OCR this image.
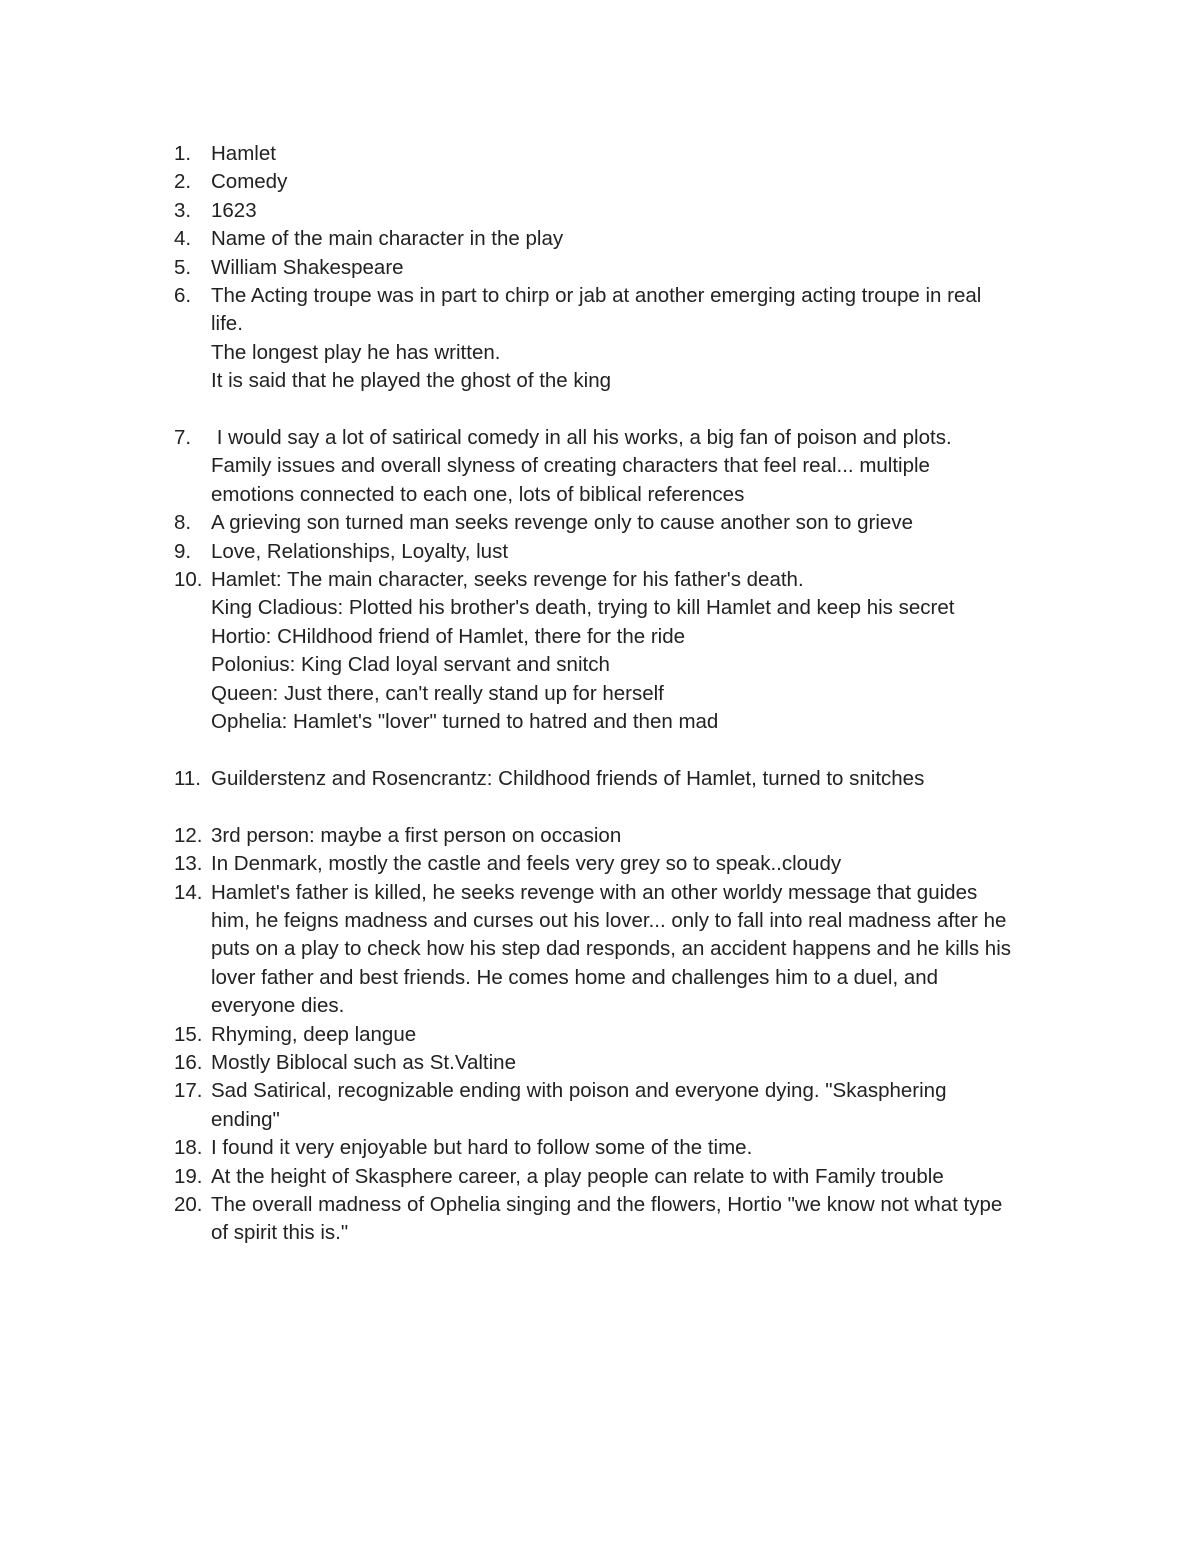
1. Hamlet
2. Comedy
3. 1623
4. Name of the main character in the play
5. William Shakespeare
6. The Acting troupe was in part to chirp or jab at another emerging acting troupe in real
life.
The longest play he has written.
It is said that he played the ghost of the king
7. I would say a lot of satirical comedy in all his works, a big fan of poison and plots.
Family issues and overall slyness of creating characters that feel real... multiple
emotions connected to each one, lots of biblical references
8. A grieving son turned man seeks revenge only to cause another son to grieve
9. Love, Relationships, Loyalty, lust
10. Hamlet: The main character, seeks revenge for his father's death.
King Cladious: Plotted his brother's death, trying to kill Hamlet and keep his secret
Hortio: CHildhood friend of Hamlet, there for the ride
Polonius: King Clad loyal servant and snitch
Queen: Just there, can't really stand up for herself
Ophelia: Hamlet's "lover" turned to hatred and then mad
11. Guilderstenz and Rosencrantz: Childhood friends of Hamlet, turned to snitches
12. 3rd person: maybe a first person on occasion
13. In Denmark, mostly the castle and feels very grey so to speak..cloudy
14. Hamlet's father is killed, he seeks revenge with an other worldy message that guides
him, he feigns madness and curses out his lover... only to fall into real madness after he
puts on a play to check how his step dad responds, an accident happens and he kills his
lover father and best friends. He comes home and challenges him to a duel, and
everyone dies.
15. Rhyming, deep langue
16. Mostly Biblocal such as St.Valtine
17. Sad Satirical, recognizable ending with poison and everyone dying. "Skasphering
ending"
18. I found it very enjoyable but hard to follow some of the time.
19. At the height of Skasphere career, a play people can relate to with Family trouble
20. The overall madness of Ophelia singing and the flowers, Hortio "we know not what type
of spirit this is."
